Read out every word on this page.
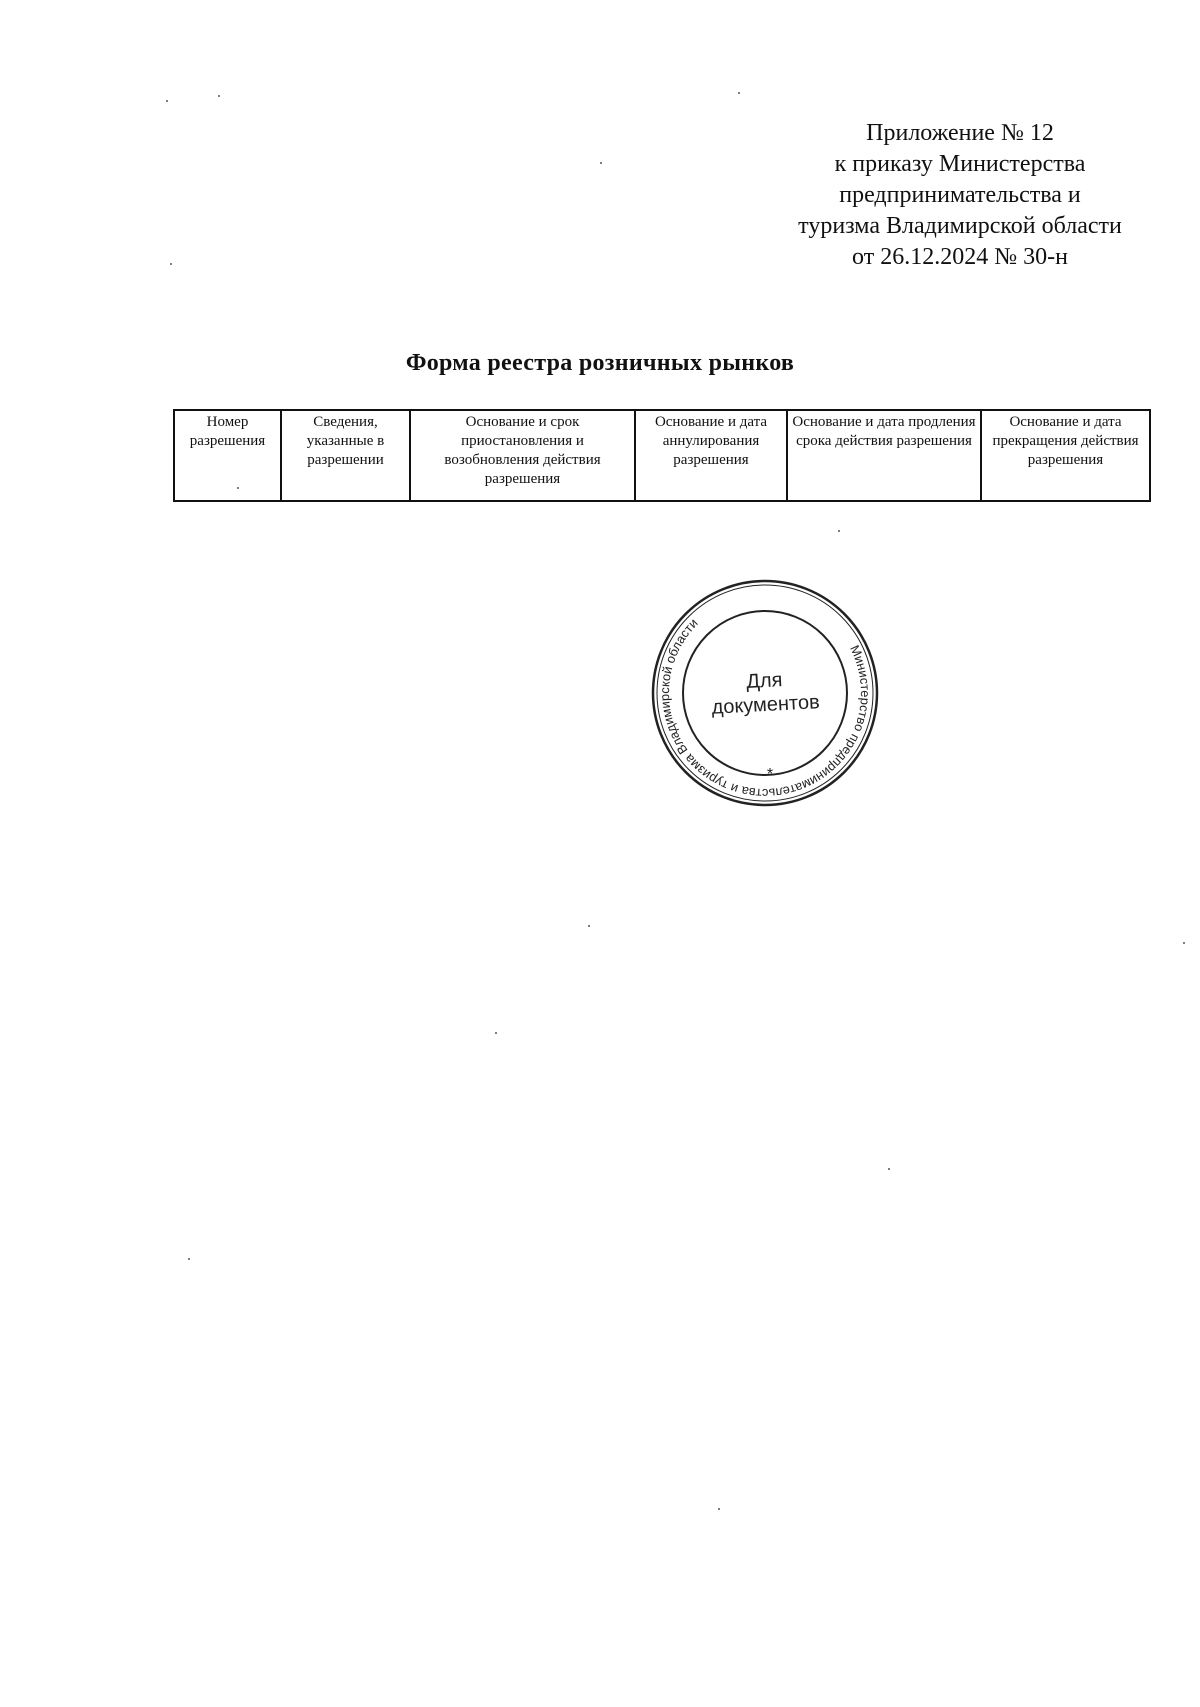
Приложение № 12
к приказу Министерства
предпринимательства и
туризма Владимирской области
от 26.12.2024 № 30-н
Форма реестра розничных рынков
Номер разрешения	Сведения, указанные в разрешении	Основание и срок приостановления и возобновления действия разрешения	Основание и дата аннулирования разрешения	Основание и дата продления срока действия разрешения	Основание и дата прекращения действия разрешения
Министерство предпринимательства и туризма Владимирской области
*
Для
документов
